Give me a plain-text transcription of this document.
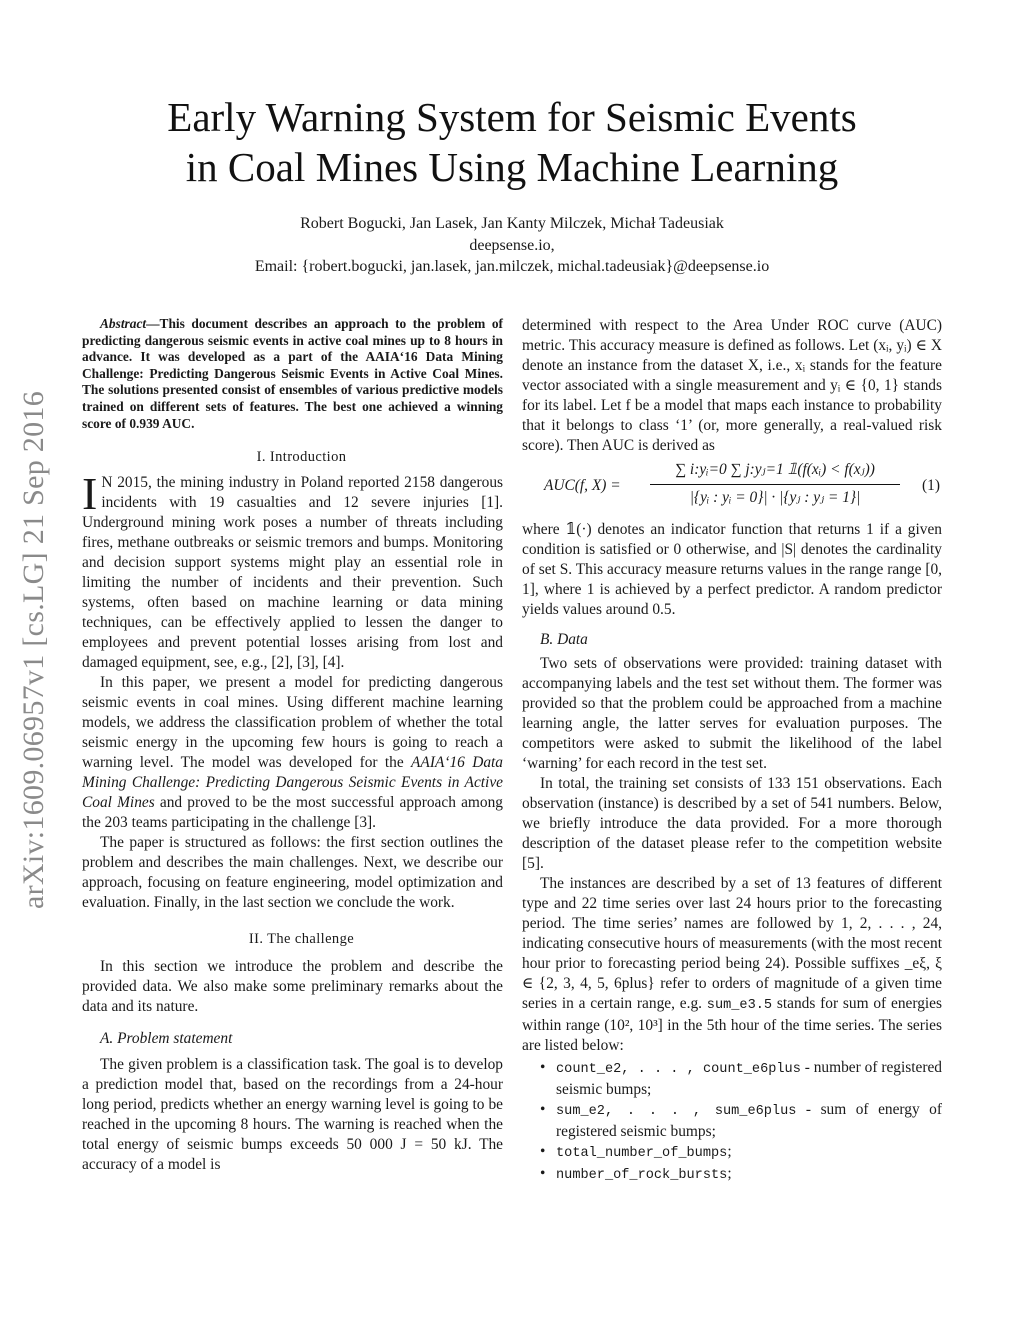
arXiv:1609.06957v1 [cs.LG] 21 Sep 2016
Early Warning System for Seismic Events
in Coal Mines Using Machine Learning
Robert Bogucki, Jan Lasek, Jan Kanty Milczek, Michał Tadeusiak
deepsense.io,
Email: {robert.bogucki, jan.lasek, jan.milczek, michal.tadeusiak}@deepsense.io
Abstract—This document describes an approach to the problem of predicting dangerous seismic events in active coal mines up to 8 hours in advance. It was developed as a part of the AAIA‘16 Data Mining Challenge: Predicting Dangerous Seismic Events in Active Coal Mines. The solutions presented consist of ensembles of various predictive models trained on different sets of features. The best one achieved a winning score of 0.939 AUC.

I. Introduction

I N 2015, the mining industry in Poland reported 2158 dangerous incidents with 19 casualties and 12 severe injuries [1]. Underground mining work poses a number of threats including fires, methane outbreaks or seismic tremors and bumps. Monitoring and decision support systems might play an essential role in limiting the number of incidents and their prevention. Such systems, often based on machine learning or data mining techniques, can be effectively applied to lessen the danger to employees and prevent potential losses arising from lost and damaged equipment, see, e.g., [2], [3], [4].

In this paper, we present a model for predicting dangerous seismic events in coal mines. Using different machine learning models, we address the classification problem of whether the total seismic energy in the upcoming few hours is going to reach a warning level. The model was developed for the AAIA‘16 Data Mining Challenge: Predicting Dangerous Seismic Events in Active Coal Mines and proved to be the most successful approach among the 203 teams participating in the challenge [3].

The paper is structured as follows: the first section outlines the problem and describes the main challenges. Next, we describe our approach, focusing on feature engineering, model optimization and evaluation. Finally, in the last section we conclude the work.

II. The challenge

In this section we introduce the problem and describe the provided data. We also make some preliminary remarks about the data and its nature.

A. Problem statement

The given problem is a classification task. The goal is to develop a prediction model that, based on the recordings from a 24-hour long period, predicts whether an energy warning level is going to be reached in the upcoming 8 hours. The warning is reached when the total energy of seismic bumps exceeds 50 000 J = 50 kJ. The accuracy of a model is

determined with respect to the Area Under ROC curve (AUC) metric. This accuracy measure is defined as follows. Let (xᵢ, yᵢ) ∈ X denote an instance from the dataset X, i.e., xᵢ stands for the feature vector associated with a single measurement and yᵢ ∈ {0, 1} stands for its label. Let f be a model that maps each instance to probability that it belongs to class ‘1’ (or, more generally, a real-valued risk score). Then AUC is derived as

AUC(f, $X) = \frac{\text{∑ i:yᵢ=0 ∑ j:yⱼ=1 𝟙(f(xᵢ) < f(xⱼ))}}{\text{|\{yᵢ : yᵢ = 0\}| · |\{yⱼ : yⱼ = 1\}|}} (1)$

where 𝟙(·) denotes an indicator function that returns 1 if a given condition is satisfied or 0 otherwise, and |S| denotes the cardinality of set S. This accuracy measure returns values in the range range [0, 1], where 1 is achieved by a perfect predictor. A random predictor yields values around 0.5.

B. Data

Two sets of observations were provided: training dataset with accompanying labels and the test set without them. The former was provided so that the problem could be approached from a machine learning angle, the latter serves for evaluation purposes. The competitors were asked to submit the likelihood of the label ‘warning’ for each record in the test set.

In total, the training set consists of 133 151 observations. Each observation (instance) is described by a set of 541 numbers. Below, we briefly introduce the data provided. For a more thorough description of the dataset please refer to the competition website [5].

The instances are described by a set of 13 features of different type and 22 time series over last 24 hours prior to the forecasting period. The time series’ names are followed by 1, 2, . . . , 24, indicating consecutive hours of measurements (with the most recent hour prior to forecasting period being 24). Possible suffixes _eξ, ξ ∈ {2, 3, 4, 5, 6plus} refer to orders of magnitude of a given time series in a certain range, e.g. sum_e3.5 stands for sum of energies within range (10², 10³] in the 5th hour of the time series. The series are listed below:

• count_e2, . . . , count_e6plus - number of registered seismic bumps;
• sum_e2, . . . , sum_e6plus - sum of energy of registered seismic bumps;
• total_number_of_bumps;
• number_of_rock_bursts;
